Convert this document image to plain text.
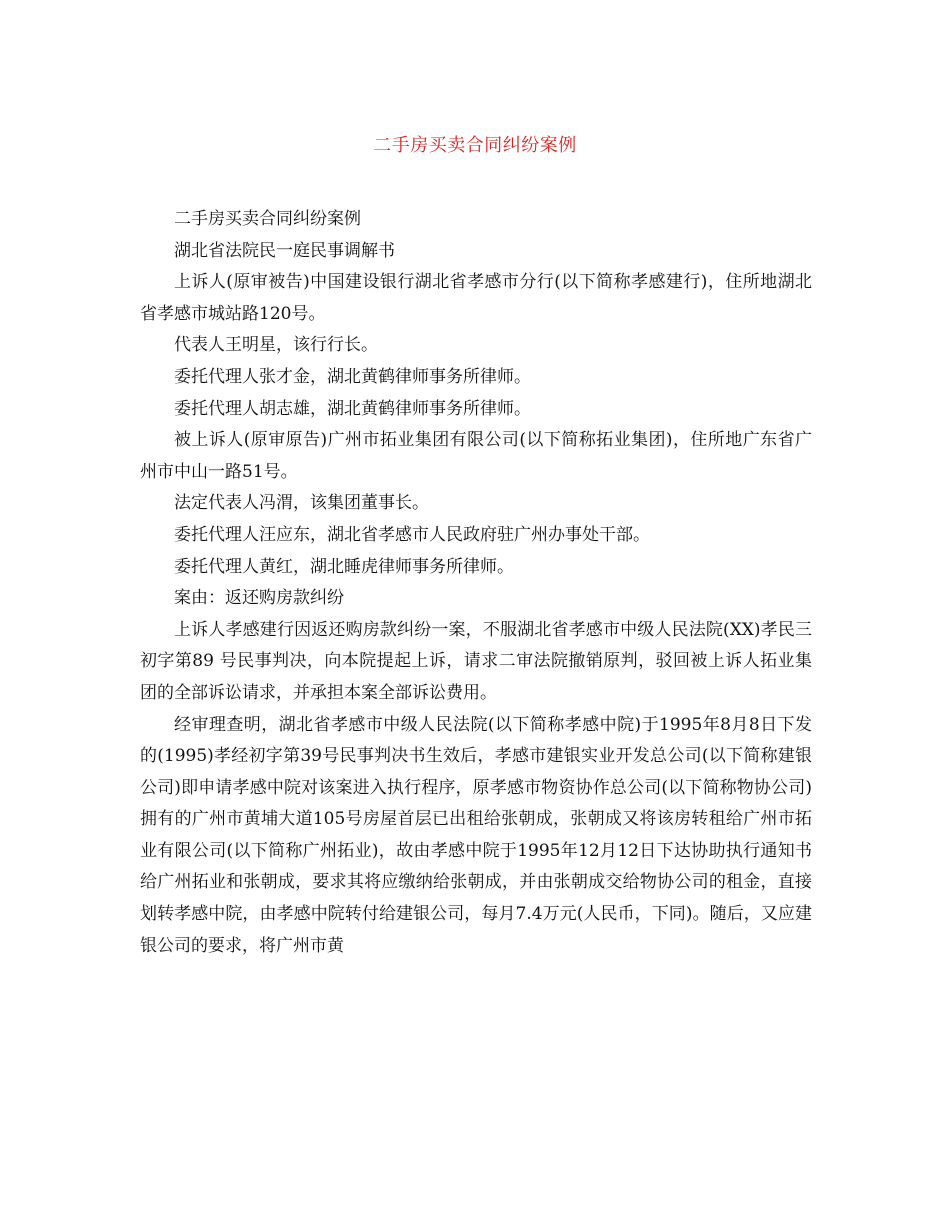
二手房买卖合同纠纷案例

二手房买卖合同纠纷案例

湖北省法院民一庭民事调解书

上诉人(原审被告)中国建设银行湖北省孝感市分行(以下简称孝感建行)，住所地湖北省孝感市城站路120号。

代表人王明星，该行行长。

委托代理人张才金，湖北黄鹤律师事务所律师。

委托代理人胡志雄，湖北黄鹤律师事务所律师。

被上诉人(原审原告)广州市拓业集团有限公司(以下简称拓业集团)，住所地广东省广州市中山一路51号。

法定代表人冯渭，该集团董事长。

委托代理人汪应东，湖北省孝感市人民政府驻广州办事处干部。

委托代理人黄红，湖北睡虎律师事务所律师。

案由：返还购房款纠纷

上诉人孝感建行因返还购房款纠纷一案，不服湖北省孝感市中级人民法院(XX)孝民三初字第89 号民事判决，向本院提起上诉，请求二审法院撤销原判，驳回被上诉人拓业集团的全部诉讼请求，并承担本案全部诉讼费用。

经审理查明，湖北省孝感市中级人民法院(以下简称孝感中院)于1995年8月8日下发的(1995)孝经初字第39号民事判决书生效后，孝感市建银实业开发总公司(以下简称建银公司)即申请孝感中院对该案进入执行程序，原孝感市物资协作总公司(以下简称物协公司)拥有的广州市黄埔大道105号房屋首层已出租给张朝成，张朝成又将该房转租给广州市拓业有限公司(以下简称广州拓业)，故由孝感中院于1995年12月12日下达协助执行通知书给广州拓业和张朝成，要求其将应缴纳给张朝成，并由张朝成交给物协公司的租金，直接划转孝感中院，由孝感中院转付给建银公司，每月7.4万元(人民币，下同)。随后，又应建银公司的要求，将广州市黄
